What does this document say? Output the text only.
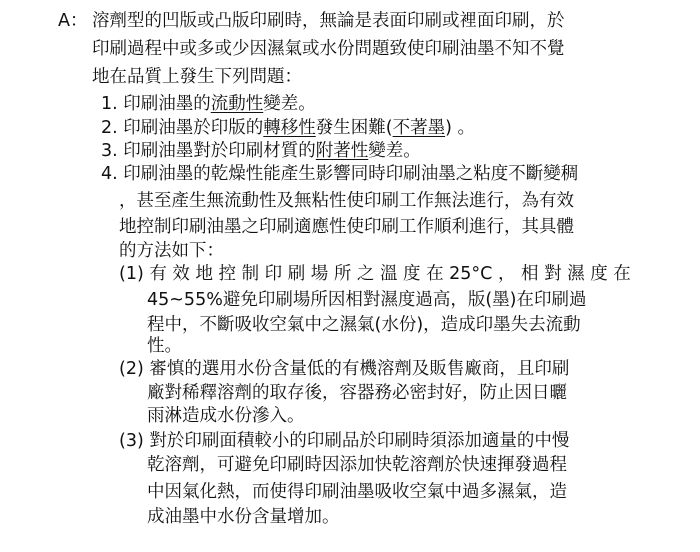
A： 溶劑型的凹版或凸版印刷時，無論是表面印刷或裡面印刷，於
印刷過程中或多或少因濕氣或水份問題致使印刷油墨不知不覺
地在品質上發生下列問題：
1. 印刷油墨的流動性變差。
2. 印刷油墨於印版的轉移性發生困難(不著墨) 。
3. 印刷油墨對於印刷材質的附著性變差。
4. 印刷油墨的乾燥性能產生影響同時印刷油墨之粘度不斷變稠
，甚至產生無流動性及無粘性使印刷工作無法進行，為有效
地控制印刷油墨之印刷適應性使印刷工作順利進行，其具體
的方法如下：
(1) 有 效 地 控 制 印 刷 場 所 之 溫 度 在 25°C ， 相 對 濕 度 在
45~55%避免印刷場所因相對濕度過高，版(墨)在印刷過
程中，不斷吸收空氣中之濕氣(水份)，造成印墨失去流動
性。
(2) 審慎的選用水份含量低的有機溶劑及販售廠商，且印刷
廠對稀釋溶劑的取存後，容器務必密封好，防止因日曬
雨淋造成水份滲入。
(3) 對於印刷面積較小的印刷品於印刷時須添加適量的中慢
乾溶劑，可避免印刷時因添加快乾溶劑於快速揮發過程
中因氣化熱，而使得印刷油墨吸收空氣中過多濕氣，造
成油墨中水份含量增加。
